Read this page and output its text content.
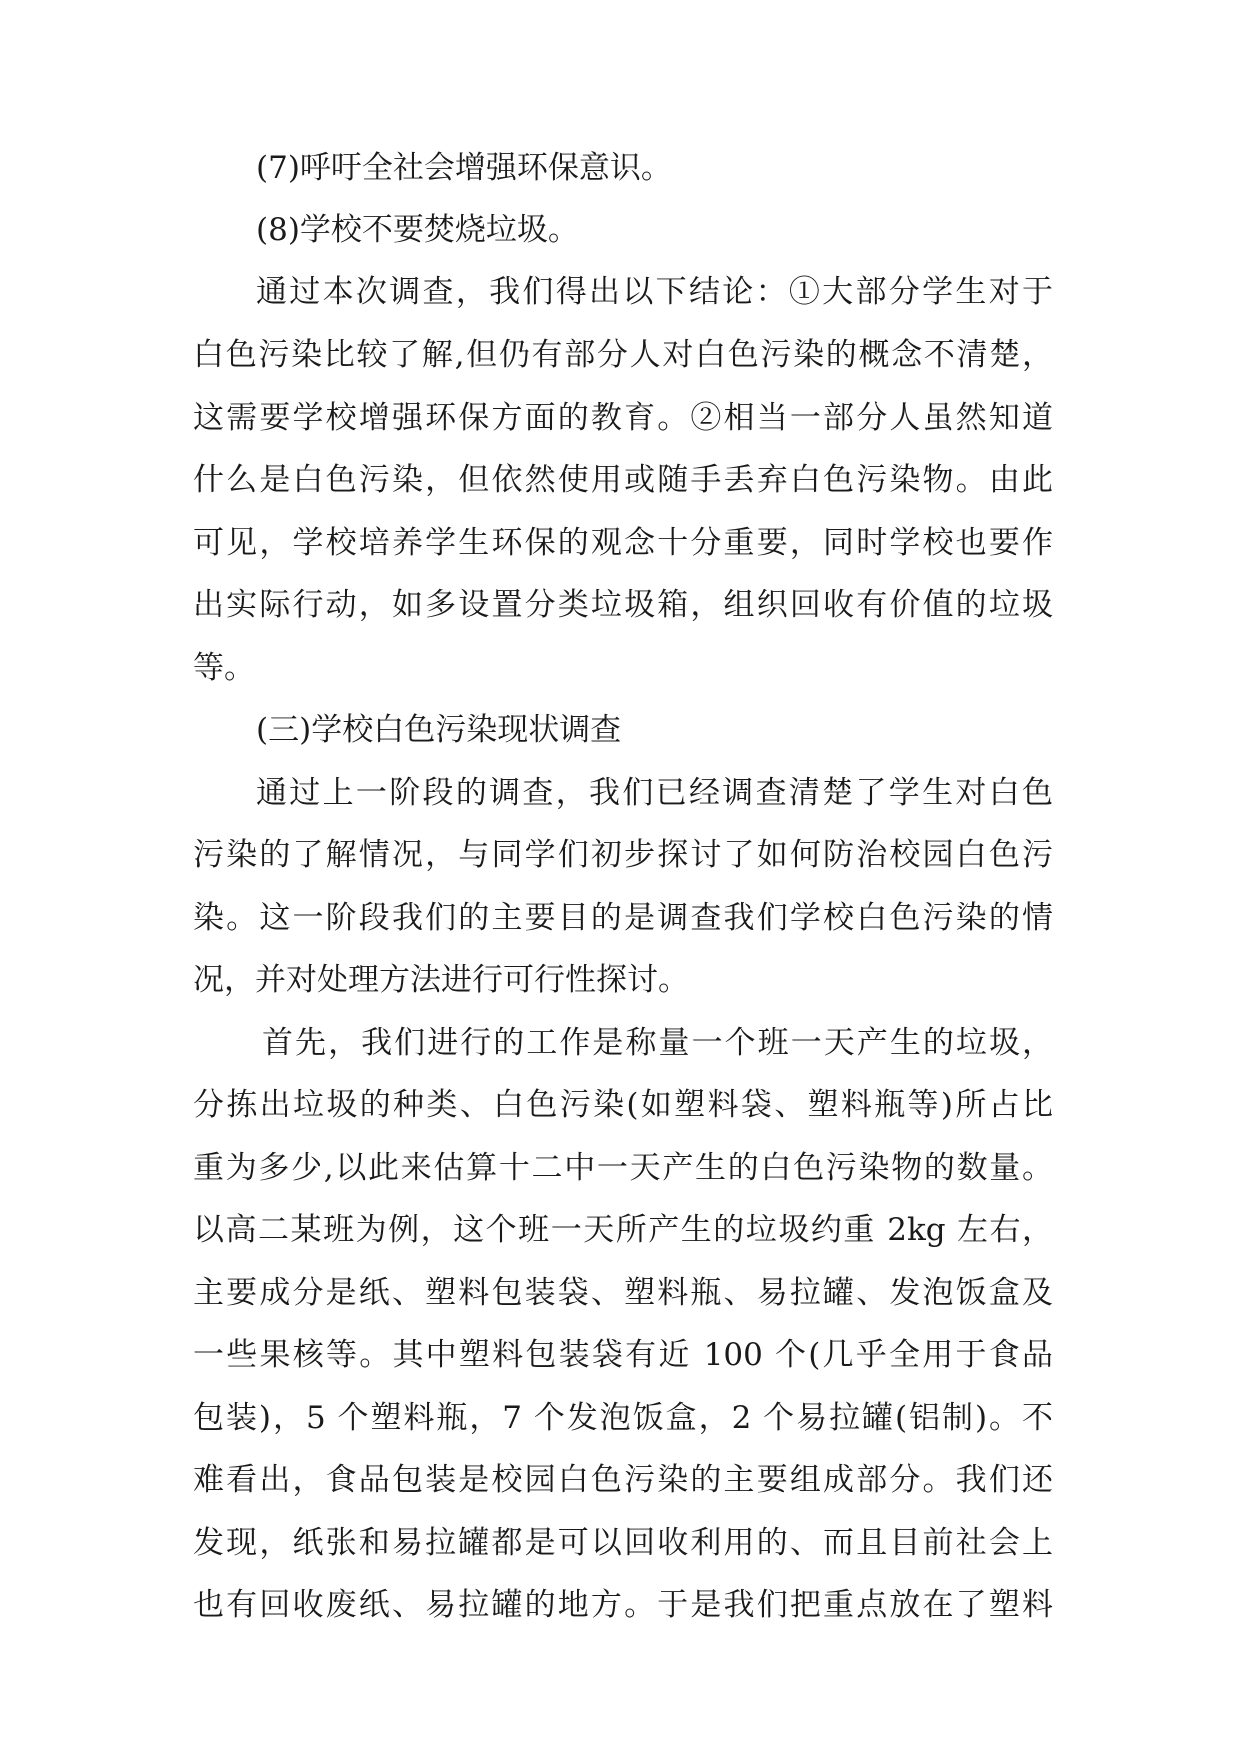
(7)呼吁全社会增强环保意识。
(8)学校不要焚烧垃圾。
通过本次调查，我们得出以下结论：①大部分学生对于
白色污染比较了解,但仍有部分人对白色污染的概念不清楚，
这需要学校增强环保方面的教育。②相当一部分人虽然知道
什么是白色污染，但依然使用或随手丢弃白色污染物。由此
可见，学校培养学生环保的观念十分重要，同时学校也要作
出实际行动，如多设置分类垃圾箱，组织回收有价值的垃圾
等。
(三)学校白色污染现状调查
通过上一阶段的调查，我们已经调查清楚了学生对白色
污染的了解情况，与同学们初步探讨了如何防治校园白色污
染。这一阶段我们的主要目的是调查我们学校白色污染的情
况，并对处理方法进行可行性探讨。
首先，我们进行的工作是称量一个班一天产生的垃圾，
分拣出垃圾的种类、白色污染(如塑料袋、塑料瓶等)所占比
重为多少,以此来估算十二中一天产生的白色污染物的数量。
以高二某班为例，这个班一天所产生的垃圾约重 2kg 左右，
主要成分是纸、塑料包装袋、塑料瓶、易拉罐、发泡饭盒及
一些果核等。其中塑料包装袋有近 100 个(几乎全用于食品
包装)，5 个塑料瓶，7 个发泡饭盒，2 个易拉罐(铝制)。不
难看出，食品包装是校园白色污染的主要组成部分。我们还
发现，纸张和易拉罐都是可以回收利用的、而且目前社会上
也有回收废纸、易拉罐的地方。于是我们把重点放在了塑料
